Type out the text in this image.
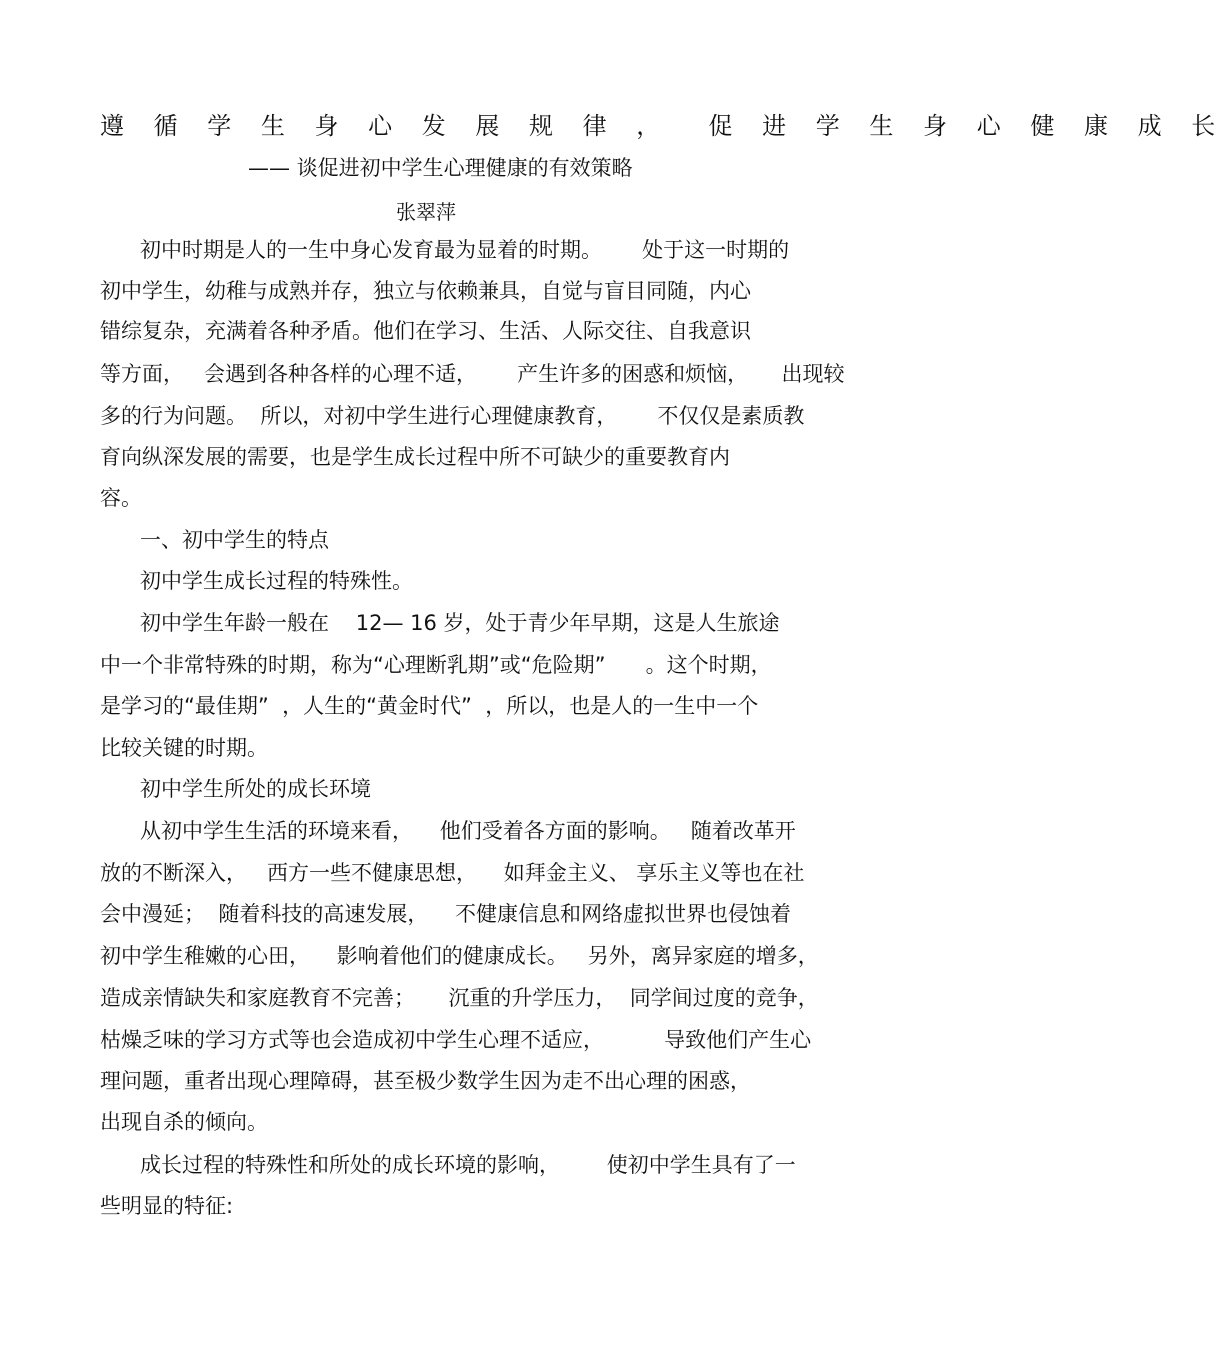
遵 循 学 生 身 心 发 展 规 律 ，  促 进 学 生 身 心 健 康 成 长

—— 谈促进初中学生心理健康的有效策略

张翠萍

初中时期是人的一生中身心发育最为显着的时期。      处于这一时期的

初中学生，幼稚与成熟并存，独立与依赖兼具，自觉与盲目同随，内心

错综复杂，充满着各种矛盾。他们在学习、生活、人际交往、自我意识

等方面，   会遇到各种各样的心理不适，      产生许多的困惑和烦恼，     出现较

多的行为问题。  所以，对初中学生进行心理健康教育，      不仅仅是素质教

育向纵深发展的需要，也是学生成长过程中所不可缺少的重要教育内

容。

一、初中学生的特点

初中学生成长过程的特殊性。

初中学生年龄一般在    12— 16 岁，处于青少年早期，这是人生旅途

中一个非常特殊的时期，称为“心理断乳期”或“危险期”      。这个时期，

是学习的“最佳期”  ，人生的“黄金时代”  ，所以，也是人的一生中一个

比较关键的时期。

初中学生所处的成长环境

从初中学生生活的环境来看，    他们受着各方面的影响。   随着改革开

放的不断深入，   西方一些不健康思想，    如拜金主义、 享乐主义等也在社

会中漫延；  随着科技的高速发展，    不健康信息和网络虚拟世界也侵蚀着

初中学生稚嫩的心田，    影响着他们的健康成长。   另外，离异家庭的增多，

造成亲情缺失和家庭教育不完善；     沉重的升学压力，  同学间过度的竞争，

枯燥乏味的学习方式等也会造成初中学生心理不适应，         导致他们产生心

理问题，重者出现心理障碍，甚至极少数学生因为走不出心理的困惑，

出现自杀的倾向。

成长过程的特殊性和所处的成长环境的影响，       使初中学生具有了一

些明显的特征:
